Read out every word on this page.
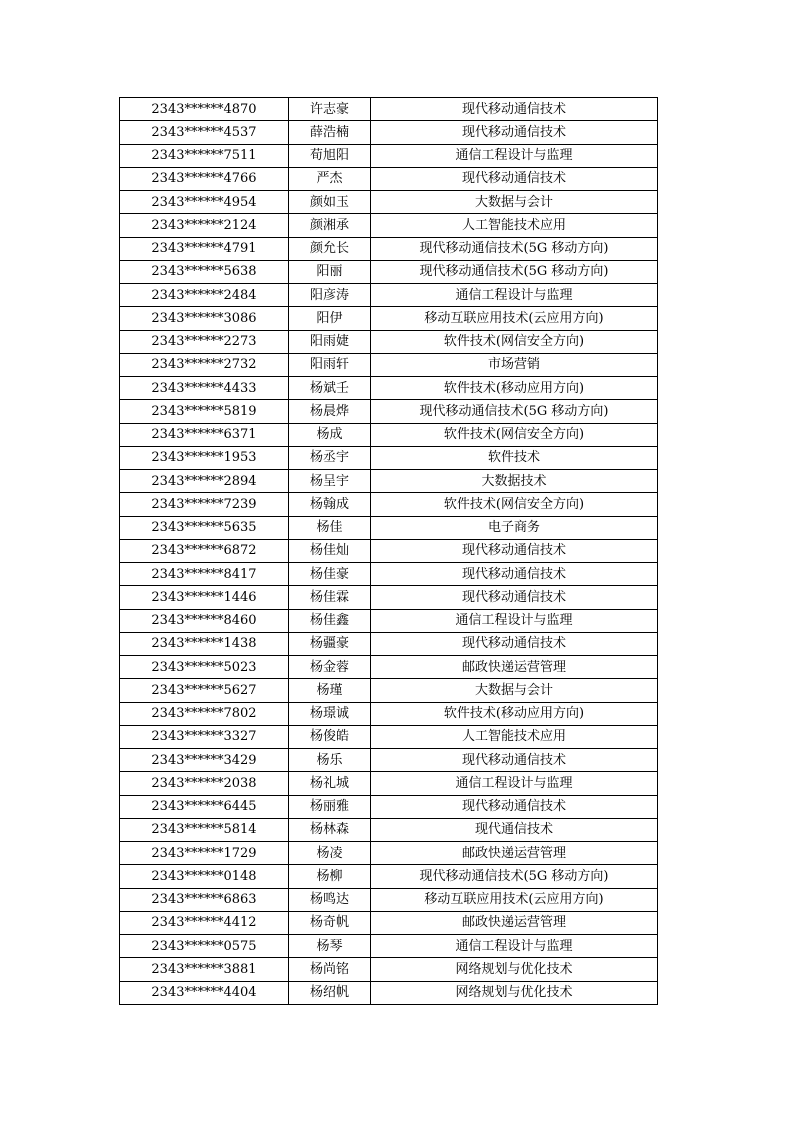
2343******4870	许志豪	现代移动通信技术
2343******4537	薛浩楠	现代移动通信技术
2343******7511	荀旭阳	通信工程设计与监理
2343******4766	严杰	现代移动通信技术
2343******4954	颜如玉	大数据与会计
2343******2124	颜湘承	人工智能技术应用
2343******4791	颜允长	现代移动通信技术(5G 移动方向)
2343******5638	阳丽	现代移动通信技术(5G 移动方向)
2343******2484	阳彦涛	通信工程设计与监理
2343******3086	阳伊	移动互联应用技术(云应用方向)
2343******2273	阳雨婕	软件技术(网信安全方向)
2343******2732	阳雨轩	市场营销
2343******4433	杨斌壬	软件技术(移动应用方向)
2343******5819	杨晨烨	现代移动通信技术(5G 移动方向)
2343******6371	杨成	软件技术(网信安全方向)
2343******1953	杨丞宇	软件技术
2343******2894	杨呈宇	大数据技术
2343******7239	杨翰成	软件技术(网信安全方向)
2343******5635	杨佳	电子商务
2343******6872	杨佳灿	现代移动通信技术
2343******8417	杨佳豪	现代移动通信技术
2343******1446	杨佳霖	现代移动通信技术
2343******8460	杨佳鑫	通信工程设计与监理
2343******1438	杨疆豪	现代移动通信技术
2343******5023	杨金蓉	邮政快递运营管理
2343******5627	杨瑾	大数据与会计
2343******7802	杨璟诚	软件技术(移动应用方向)
2343******3327	杨俊皓	人工智能技术应用
2343******3429	杨乐	现代移动通信技术
2343******2038	杨礼城	通信工程设计与监理
2343******6445	杨丽雅	现代移动通信技术
2343******5814	杨林森	现代通信技术
2343******1729	杨凌	邮政快递运营管理
2343******0148	杨柳	现代移动通信技术(5G 移动方向)
2343******6863	杨鸣达	移动互联应用技术(云应用方向)
2343******4412	杨奇帆	邮政快递运营管理
2343******0575	杨琴	通信工程设计与监理
2343******3881	杨尚铭	网络规划与优化技术
2343******4404	杨绍帆	网络规划与优化技术
